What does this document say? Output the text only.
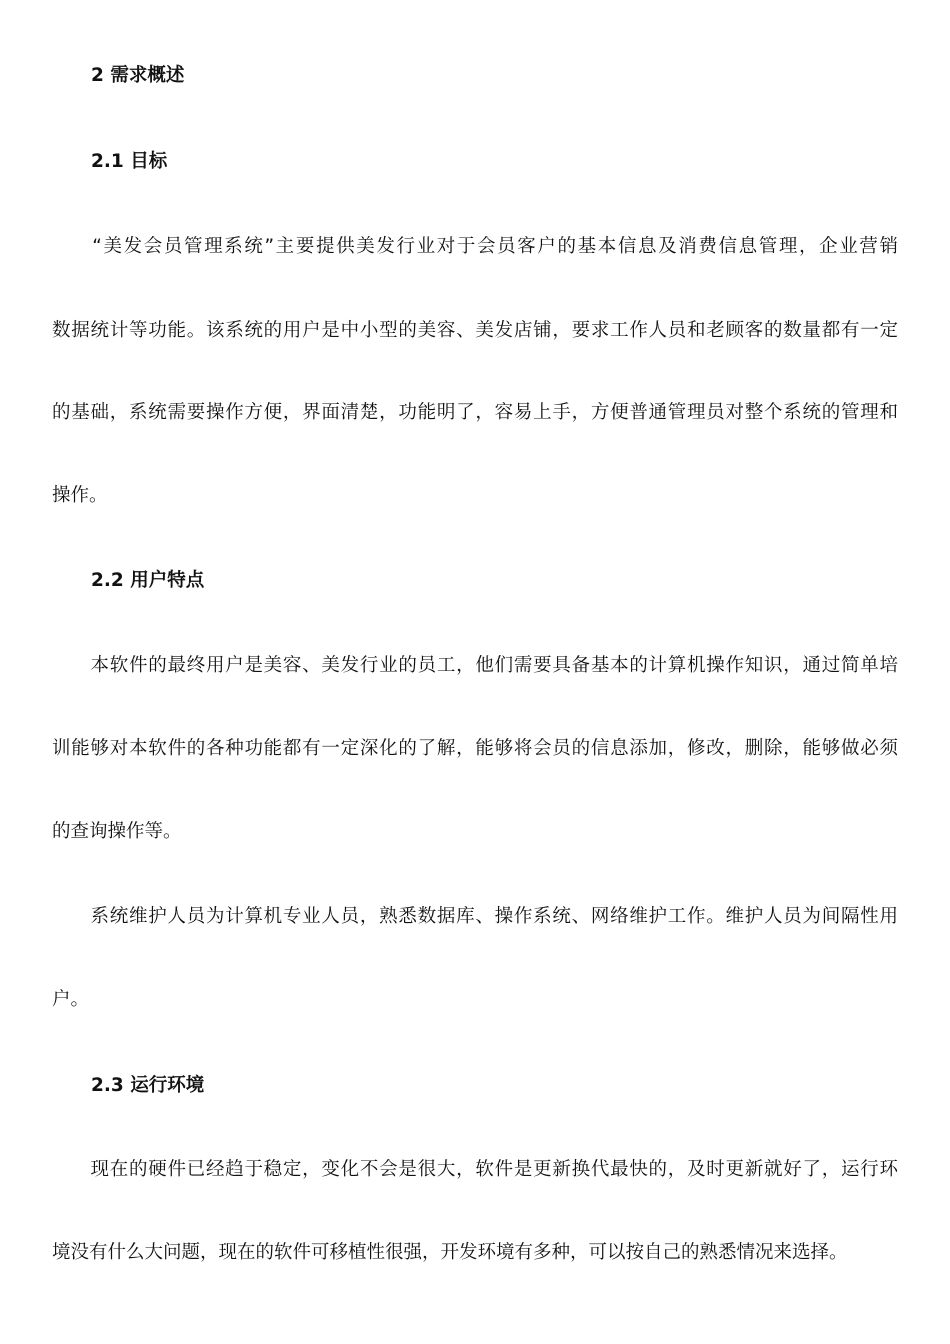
2 需求概述
2.1 目标
　　“美发会员管理系统”主要提供美发行业对于会员客户的基本信息及消费信息管理，企业营销
数据统计等功能。该系统的用户是中小型的美容、美发店铺，要求工作人员和老顾客的数量都有一定
的基础，系统需要操作方便，界面清楚，功能明了，容易上手，方便普通管理员对整个系统的管理和
操作。
2.2 用户特点
　　本软件的最终用户是美容、美发行业的员工，他们需要具备基本的计算机操作知识，通过简单培
训能够对本软件的各种功能都有一定深化的了解，能够将会员的信息添加，修改，删除，能够做必须
的查询操作等。
　　系统维护人员为计算机专业人员，熟悉数据库、操作系统、网络维护工作。维护人员为间隔性用
户。
2.3 运行环境
　　现在的硬件已经趋于稳定，变化不会是很大，软件是更新换代最快的，及时更新就好了，运行环
境没有什么大问题，现在的软件可移植性很强，开发环境有多种，可以按自己的熟悉情况来选择。
